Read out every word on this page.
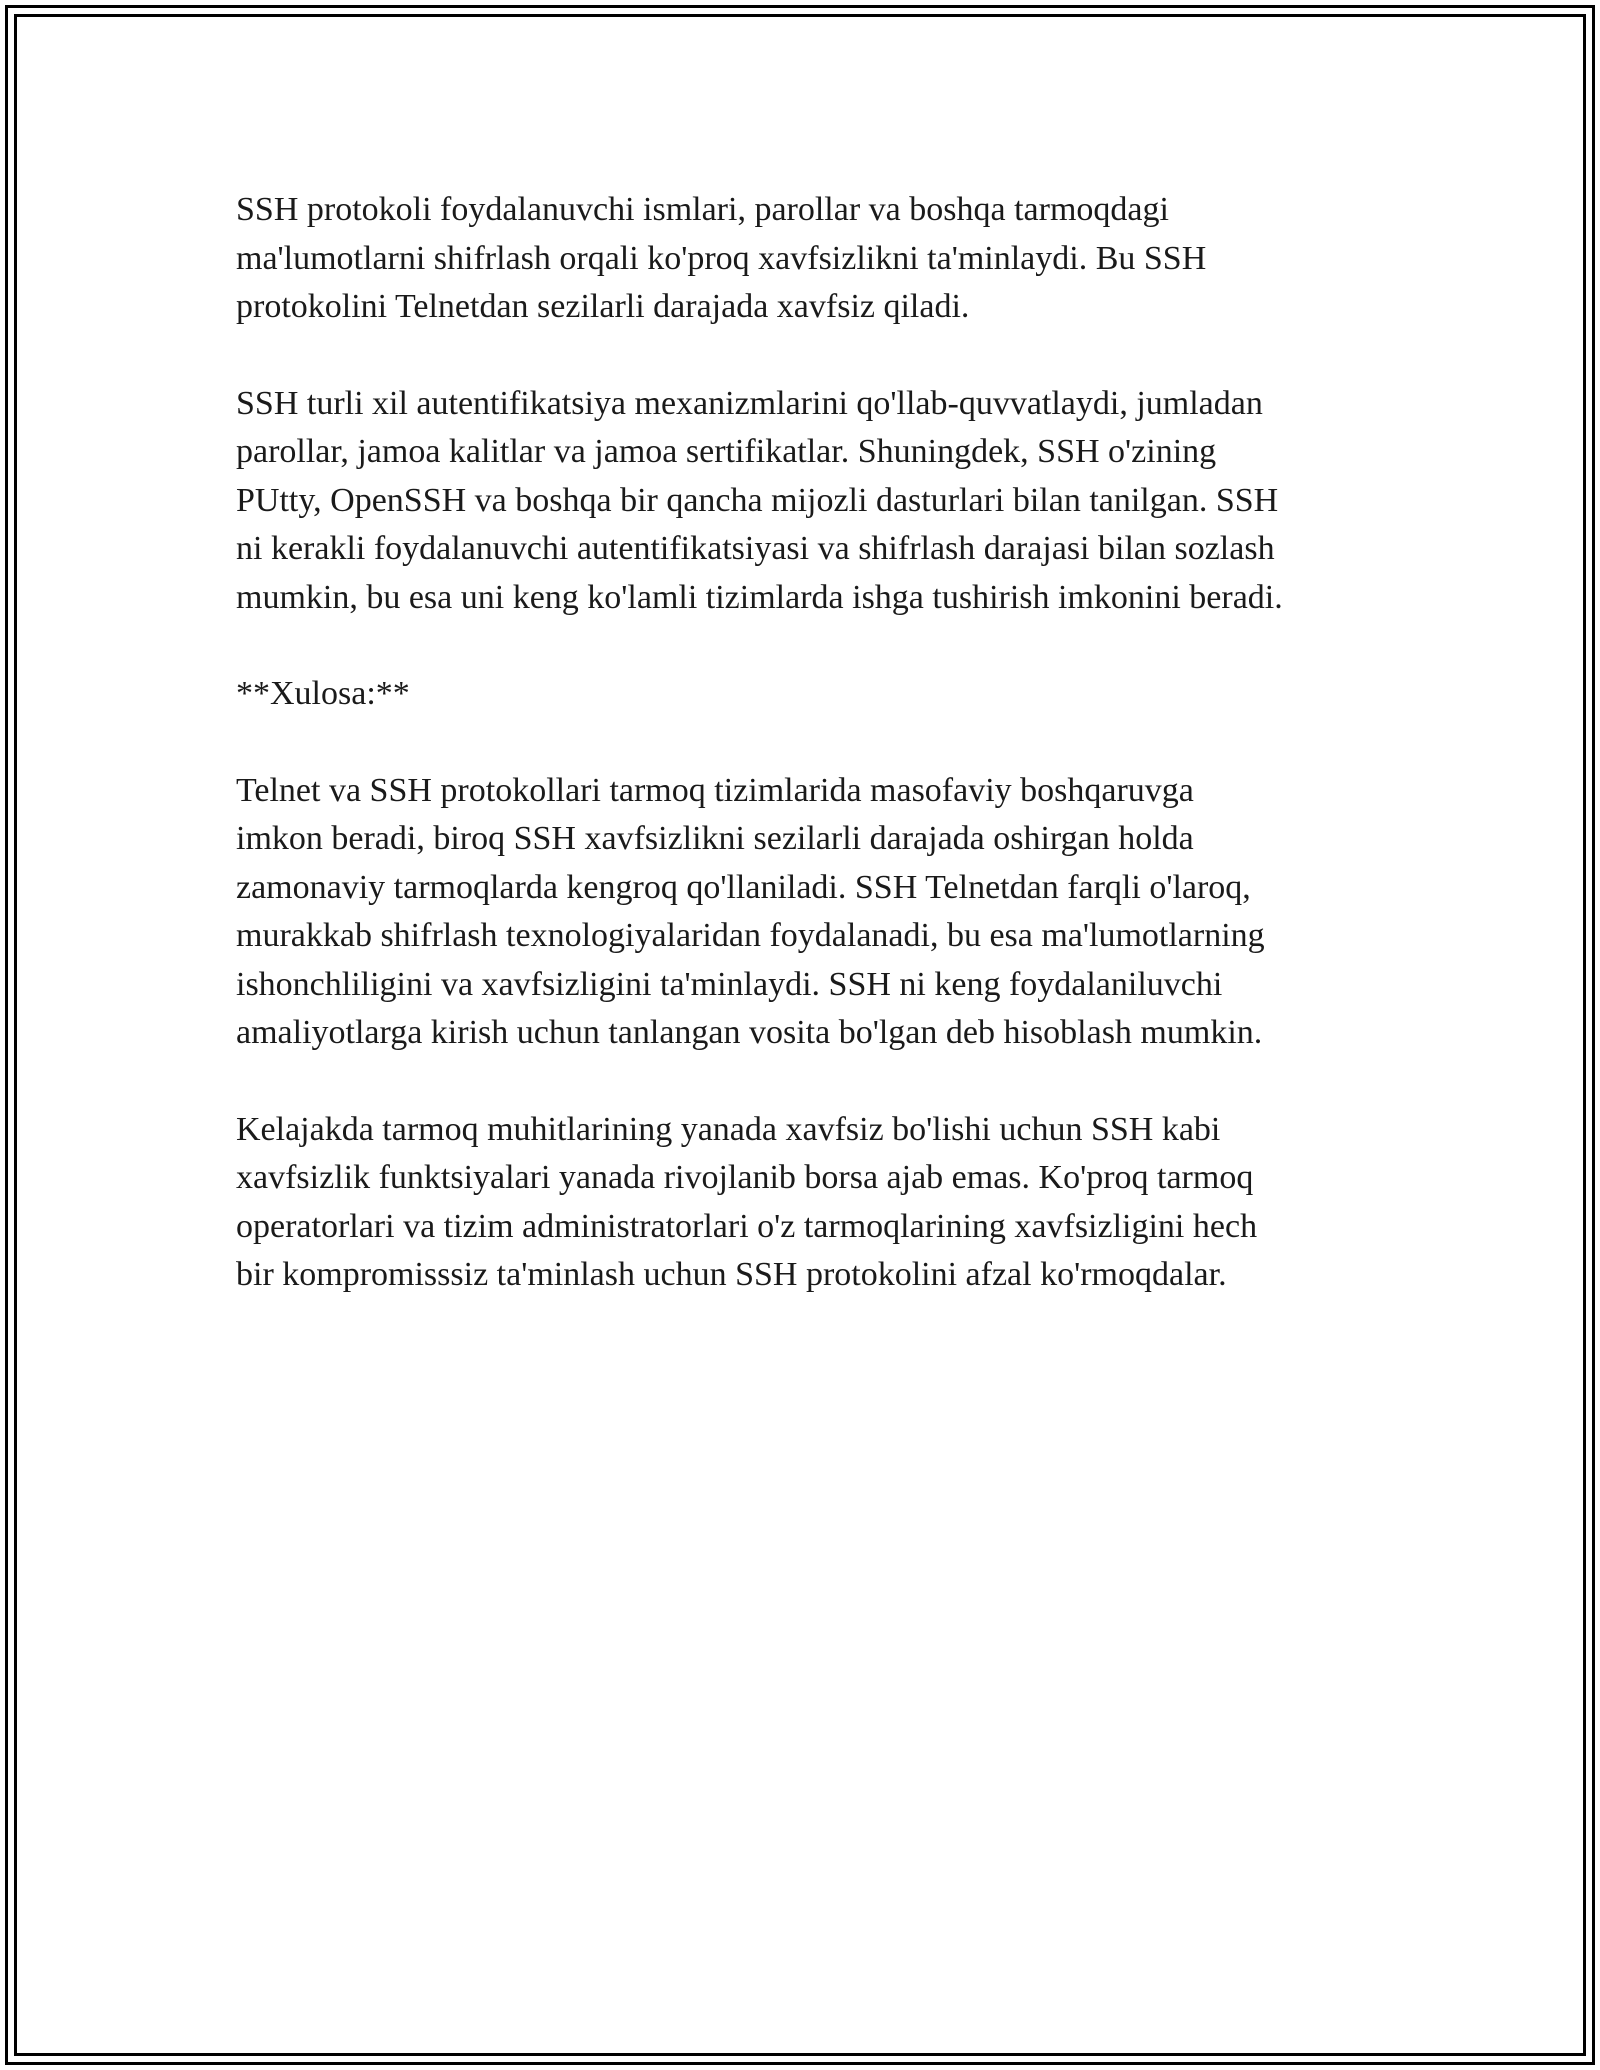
SSH protokoli foydalanuvchi ismlari, parollar va boshqa tarmoqdagi
ma'lumotlarni shifrlash orqali ko'proq xavfsizlikni ta'minlaydi. Bu SSH
protokolini Telnetdan sezilarli darajada xavfsiz qiladi.

SSH turli xil autentifikatsiya mexanizmlarini qo'llab-quvvatlaydi, jumladan
parollar, jamoa kalitlar va jamoa sertifikatlar. Shuningdek, SSH o'zining
PUtty, OpenSSH va boshqa bir qancha mijozli dasturlari bilan tanilgan. SSH
ni kerakli foydalanuvchi autentifikatsiyasi va shifrlash darajasi bilan sozlash
mumkin, bu esa uni keng ko'lamli tizimlarda ishga tushirish imkonini beradi.

**Xulosa:**

Telnet va SSH protokollari tarmoq tizimlarida masofaviy boshqaruvga
imkon beradi, biroq SSH xavfsizlikni sezilarli darajada oshirgan holda
zamonaviy tarmoqlarda kengroq qo'llaniladi. SSH Telnetdan farqli o'laroq,
murakkab shifrlash texnologiyalaridan foydalanadi, bu esa ma'lumotlarning
ishonchliligini va xavfsizligini ta'minlaydi. SSH ni keng foydalaniluvchi
amaliyotlarga kirish uchun tanlangan vosita bo'lgan deb hisoblash mumkin.

Kelajakda tarmoq muhitlarining yanada xavfsiz bo'lishi uchun SSH kabi
xavfsizlik funktsiyalari yanada rivojlanib borsa ajab emas. Ko'proq tarmoq
operatorlari va tizim administratorlari o'z tarmoqlarining xavfsizligini hech
bir kompromisssiz ta'minlash uchun SSH protokolini afzal ko'rmoqdalar.
